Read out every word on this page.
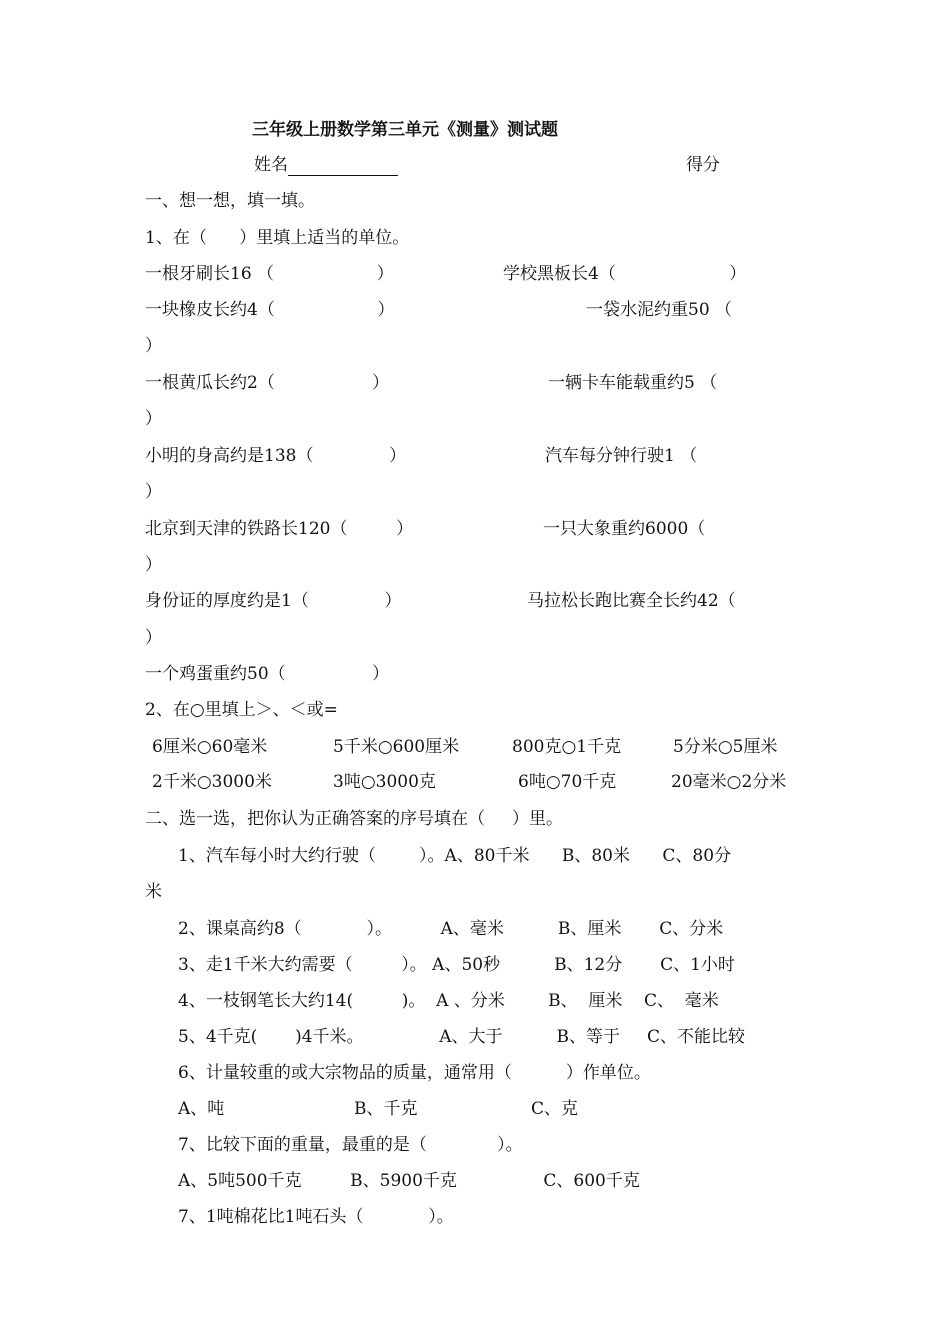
三年级上册数学第三单元《测量》测试题
姓名	得分
一、想一想，填一填。
1、在（      ）里填上适当的单位。
一根牙刷长16 （                   ）	学校黑板长4（                     ）
一块橡皮长约4（                   ）	一袋水泥约重50 （
）
一根黄瓜长约2（                  ）	一辆卡车能载重约5 （
）
小明的身高约是138（              ）	汽车每分钟行驶1 （
）
北京到天津的铁路长120（         ）	一只大象重约6000（
）
身份证的厚度约是1（              ）	马拉松长跑比赛全长约42（
）
一个鸡蛋重约50（                ）
2、在○里填上＞、＜或=
6厘米○60毫米	5千米○600厘米	800克○1千克	5分米○5厘米
2千米○3000米	3吨○3000克	6吨○70千克	20毫米○2分米
二、选一选，把你认为正确答案的序号填在（     ）里。
1、汽车每小时大约行驶（        ）。A、80千米      B、80米      C、80分
米
2、课桌高约8（            ）。         A、毫米          B、厘米       C、分米
3、走1千米大约需要（         ）。 A、50秒          B、12分       C、1小时
4、一枝钢笔长大约14(         )。  A 、分米        B、  厘米    C、  毫米
5、4千克(       )4千米。              A、大于          B、等于     C、不能比较
6、计量较重的或大宗物品的质量，通常用（          ）作单位。
A、吨                        B、千克                     C、克
7、比较下面的重量，最重的是（             ）。
A、5吨500千克         B、5900千克                C、600千克
7、1吨棉花比1吨石头（            ）。
